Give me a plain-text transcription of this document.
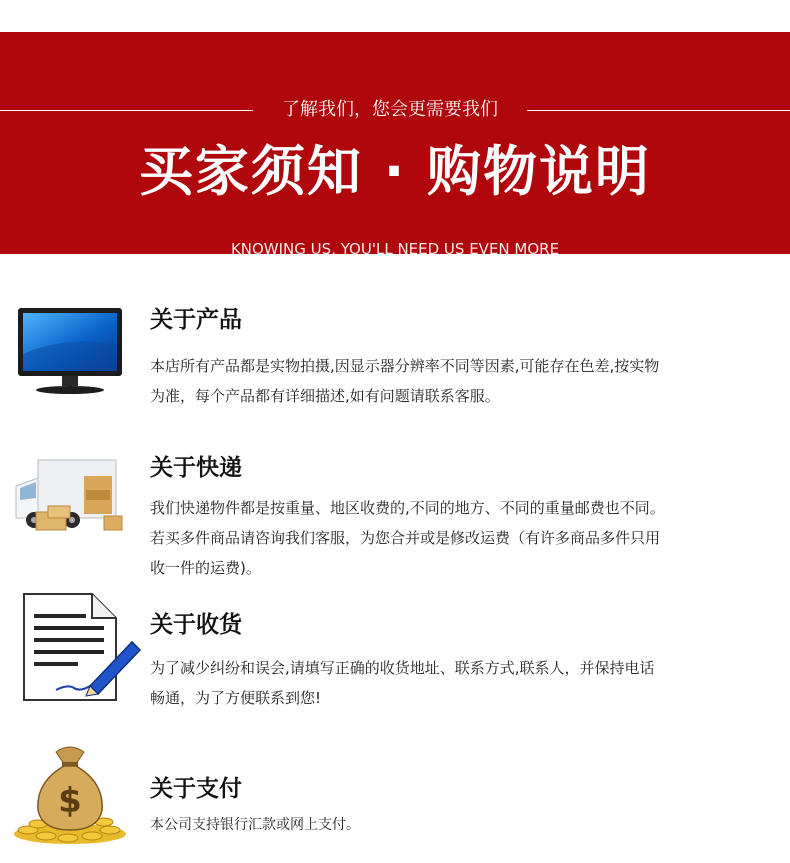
了解我们，您会更需要我们
买家须知 · 购物说明
KNOWING US, YOU'LL NEED US EVEN MORE
关于产品
本店所有产品都是实物拍摄,因显示器分辨率不同等因素,可能存在色差,按实物
为准，每个产品都有详细描述,如有问题请联系客服。
关于快递
我们快递物件都是按重量、地区收费的,不同的地方、不同的重量邮费也不同。
若买多件商品请咨询我们客服，为您合并或是修改运费（有许多商品多件只用
收一件的运费)。
关于收货
为了减少纠纷和误会,请填写正确的收货地址、联系方式,联系人，并保持电话
畅通，为了方便联系到您!
$	关于支付
本公司支持银行汇款或网上支付。
